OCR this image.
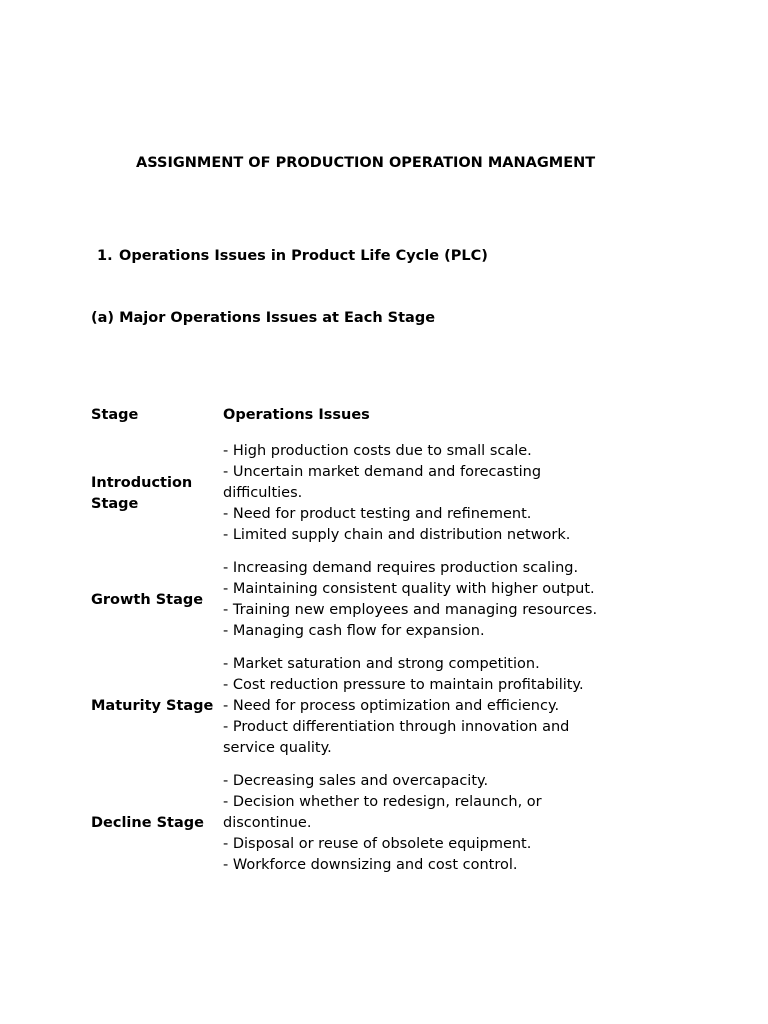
ASSIGNMENT OF PRODUCTION OPERATION MANAGMENT
1. Operations Issues in Product Life Cycle (PLC)
(a) Major Operations Issues at Each Stage
Stage	Operations Issues
Introduction Stage	- High production costs due to small scale.
- Uncertain market demand and forecasting difficulties.
- Need for product testing and refinement.
- Limited supply chain and distribution network.

Growth Stage	- Increasing demand requires production scaling.
- Maintaining consistent quality with higher output.
- Training new employees and managing resources.
- Managing cash flow for expansion.

Maturity Stage	- Market saturation and strong competition.
- Cost reduction pressure to maintain profitability.
- Need for process optimization and efficiency.
- Product differentiation through innovation and service quality.

Decline Stage	- Decreasing sales and overcapacity.
- Decision whether to redesign, relaunch, or discontinue.
- Disposal or reuse of obsolete equipment.
- Workforce downsizing and cost control.
